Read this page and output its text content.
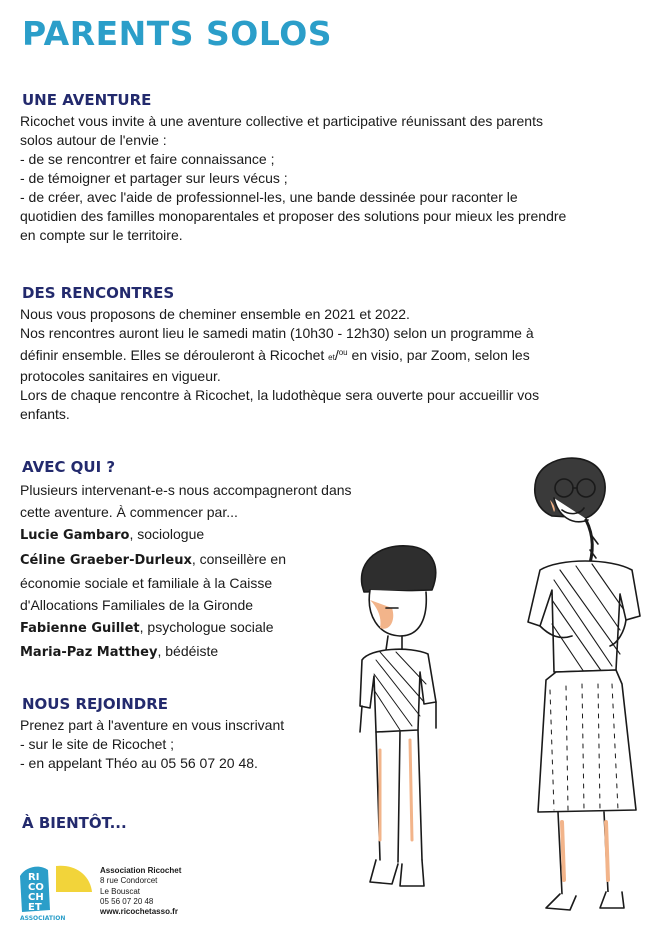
PARENTS SOLOS
UNE AVENTURE
Ricochet vous invite à une aventure collective et participative réunissant des parents
solos autour de l'envie :
- de se rencontrer et faire connaissance ;
- de témoigner et partager sur leurs vécus ;
- de créer, avec l'aide de professionnel-les, une bande dessinée pour raconter le
quotidien des familles monoparentales et proposer des solutions pour mieux les prendre
en compte sur le territoire.
DES RENCONTRES
Nous vous proposons de cheminer ensemble en 2021 et 2022.
Nos rencontres auront lieu le samedi matin (10h30 - 12h30) selon un programme à
définir ensemble. Elles se dérouleront à Ricochet et/$^{ou}$ en visio, par Zoom, selon les
protocoles sanitaires en vigueur.
Lors de chaque rencontre à Ricochet, la ludothèque sera ouverte pour accueillir vos
enfants.
AVEC QUI ?
Plusieurs intervenant-e-s nous accompagneront dans
cette aventure. À commencer par...
Lucie Gambaro, sociologue
Céline Graeber-Durleux, conseillère en
économie sociale et familiale à la Caisse
d'Allocations Familiales de la Gironde
Fabienne Guillet, psychologue sociale
Maria-Paz Matthey, bédéiste
NOUS REJOINDRE
Prenez part à l'aventure en vous inscrivant
- sur le site de Ricochet ;
- en appelant Théo au 05 56 07 20 48.
À BIENTÔT...
RI
CO
CH
ET
ASSOCIATION
Association Ricochet
8 rue Condorcet
Le Bouscat
05 56 07 20 48
www.ricochetasso.fr
